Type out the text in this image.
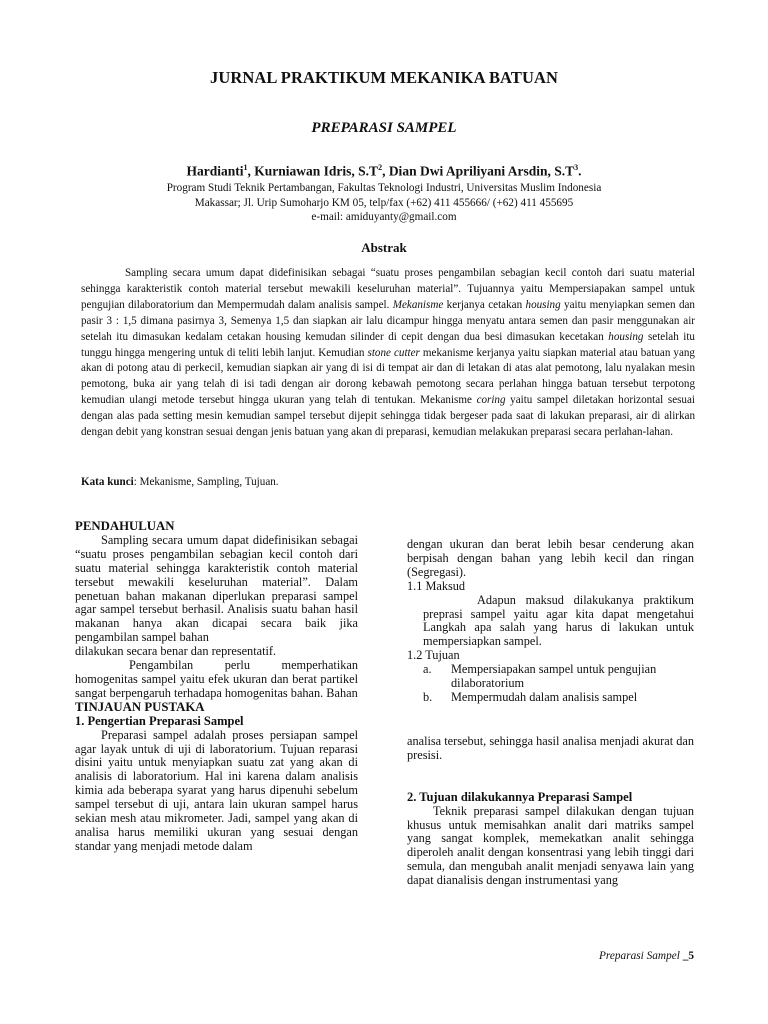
JURNAL PRAKTIKUM MEKANIKA BATUAN
PREPARASI SAMPEL
Hardianti$^1$, Kurniawan Idris, $S.T^2$, Dian Dwi Apriliyani Arsdin, $S.T^3$.
Program Studi Teknik Pertambangan, Fakultas Teknologi Industri, Universitas Muslim Indonesia
Makassar; Jl. Urip Sumoharjo KM 05, telp/fax (+62) 411 455666/ (+62) 411 455695
e-mail: amiduyanty@gmail.com
Abstrak

Sampling secara umum dapat didefinisikan sebagai “suatu proses pengambilan sebagian kecil contoh dari suatu material sehingga karakteristik contoh material tersebut mewakili keseluruhan material”. Tujuannya yaitu Mempersiapakan sampel untuk pengujian dilaboratorium dan Mempermudah dalam analisis sampel. Mekanisme kerjanya cetakan housing yaitu menyiapkan semen dan pasir 3 : 1,5 dimana pasirnya 3, Semenya 1,5 dan siapkan air lalu dicampur hingga menyatu antara semen dan pasir menggunakan air setelah itu dimasukan kedalam cetakan housing kemudan silinder di cepit dengan dua besi dimasukan kecetakan housing setelah itu tunggu hingga mengering untuk di teliti lebih lanjut. Kemudian stone cutter mekanisme kerjanya yaitu siapkan material atau batuan yang akan di potong atau di perkecil, kemudian siapkan air yang di isi di tempat air dan di letakan di atas alat pemotong, lalu nyalakan mesin pemotong, buka air yang telah di isi tadi dengan air dorong kebawah pemotong secara perlahan hingga batuan tersebut terpotong kemudian ulangi metode tersebut hingga ukuran yang telah di tentukan. Mekanisme coring yaitu sampel diletakan horizontal sesuai dengan alas pada setting mesin kemudian sampel tersebut dijepit sehingga tidak bergeser pada saat di lakukan preparasi, air di alirkan dengan debit yang konstran sesuai dengan jenis batuan yang akan di preparasi, kemudian melakukan preparasi secara perlahan-lahan.

Kata kunci: Mekanisme, Sampling, Tujuan.

PENDAHULUAN

Sampling secara umum dapat didefinisikan sebagai “suatu proses pengambilan sebagian kecil contoh dari suatu material sehingga karakteristik contoh material tersebut mewakili keseluruhan material”. Dalam penetuan bahan makanan diperlukan preparasi sampel agar sampel tersebut berhasil. Analisis suatu bahan hasil makanan hanya akan dicapai secara baik jika pengambilan sampel bahan

dilakukan secara benar dan representatif.

Pengambilan perlu memperhatikan homogenitas sampel yaitu efek ukuran dan berat partikel sangat berpengaruh terhadapa homogenitas bahan. Bahan

TINJAUAN PUSTAKA

1. Pengertian Preparasi Sampel

Preparasi sampel adalah proses persiapan sampel agar layak untuk di uji di laboratorium. Tujuan reparasi disini yaitu untuk menyiapkan suatu zat yang akan di analisis di laboratorium. Hal ini karena dalam analisis kimia ada beberapa syarat yang harus dipenuhi sebelum sampel tersebut di uji, antara lain ukuran sampel harus sekian mesh atau mikrometer. Jadi, sampel yang akan di analisa harus memiliki ukuran yang sesuai dengan standar yang menjadi metode dalam

dengan ukuran dan berat lebih besar cenderung akan berpisah dengan bahan yang lebih kecil dan ringan (Segregasi).

1.1 Maksud

Adapun maksud dilakukanya praktikum preprasi sampel yaitu agar kita dapat mengetahui Langkah apa salah yang harus di lakukan untuk mempersiapkan sampel.

1.2 Tujuan

a.	Mempersiapakan sampel untuk pengujian dilaboratorium
b.	Mempermudah dalam analisis sampel

analisa tersebut, sehingga hasil analisa menjadi akurat dan presisi.

2. Tujuan dilakukannya Preparasi Sampel

Teknik preparasi sampel dilakukan dengan tujuan khusus untuk memisahkan analit dari matriks sampel yang sangat komplek, memekatkan analit sehingga diperoleh analit dengan konsentrasi yang lebih tinggi dari semula, dan mengubah analit menjadi senyawa lain yang dapat dianalisis dengan instrumentasi yang

Preparasi Sampel _5
